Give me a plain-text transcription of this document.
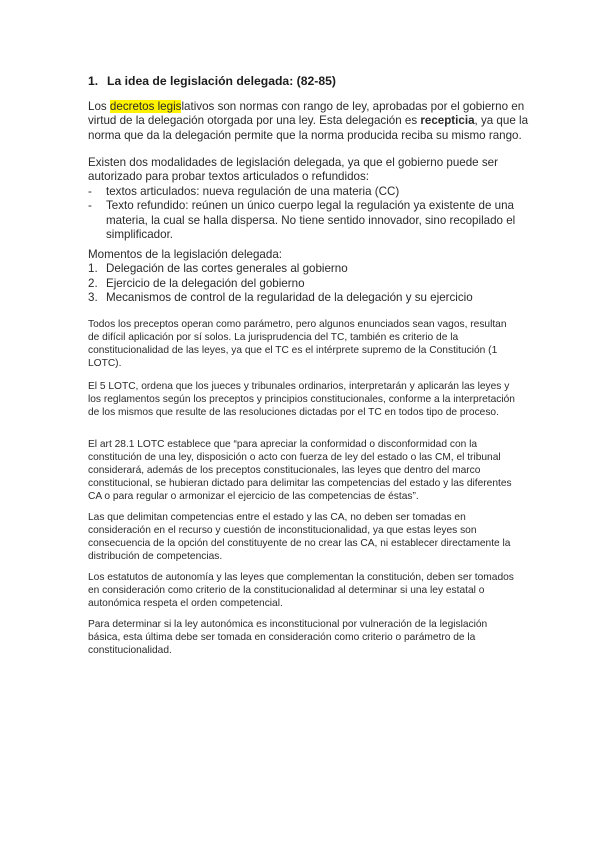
1. La idea de legislación delegada: (82-85)

Los decretos legislativos son normas con rango de ley, aprobadas por el gobierno en virtud de la delegación otorgada por una ley. Esta delegación es recepticia, ya que la norma que da la delegación permite que la norma producida reciba su mismo rango.

Existen dos modalidades de legislación delegada, ya que el gobierno puede ser autorizado para probar textos articulados o refundidos:

-	textos articulados: nueva regulación de una materia (CC)
-	Texto refundido: reúnen un único cuerpo legal la regulación ya existente de una materia, la cual se halla dispersa. No tiene sentido innovador, sino recopilado el simplificador.

Momentos de la legislación delegada:

1. Delegación de las cortes generales al gobierno
2. Ejercicio de la delegación del gobierno
3. Mecanismos de control de la regularidad de la delegación y su ejercicio

Todos los preceptos operan como parámetro, pero algunos enunciados sean vagos, resultan de difícil aplicación por sí solos. La jurisprudencia del TC, también es criterio de la constitucionalidad de las leyes, ya que el TC es el intérprete supremo de la Constitución (1 LOTC).

El 5 LOTC, ordena que los jueces y tribunales ordinarios, interpretarán y aplicarán las leyes y los reglamentos según los preceptos y principios constitucionales, conforme a la interpretación de los mismos que resulte de las resoluciones dictadas por el TC en todos tipo de proceso.

El art 28.1 LOTC establece que “para apreciar la conformidad o disconformidad con la constitución de una ley, disposición o acto con fuerza de ley del estado o las CM, el tribunal considerará, además de los preceptos constitucionales, las leyes que dentro del marco constitucional, se hubieran dictado para delimitar las competencias del estado y las diferentes CA o para regular o armonizar el ejercicio de las competencias de éstas”.

Las que delimitan competencias entre el estado y las CA, no deben ser tomadas en consideración en el recurso y cuestión de inconstitucionalidad, ya que estas leyes son consecuencia de la opción del constituyente de no crear las CA, ni establecer directamente la distribución de competencias.

Los estatutos de autonomía y las leyes que complementan la constitución, deben ser tomados en consideración como criterio de la constitucionalidad al determinar si una ley estatal o autonómica respeta el orden competencial.

Para determinar si la ley autonómica es inconstitucional por vulneración de la legislación básica, esta última debe ser tomada en consideración como criterio o parámetro de la constitucionalidad.
